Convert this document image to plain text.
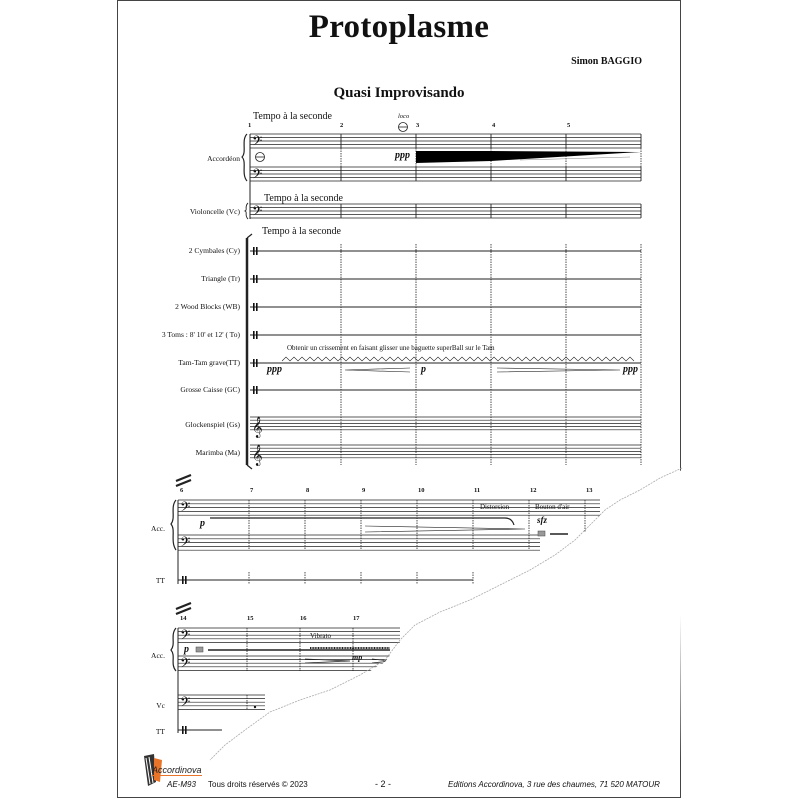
Protoplasme
Simon BAGGIO
Quasi Improvisando
𝄢
𝄢
𝄢
𝄞
𝄞
𝄢
𝄢
𝄢
𝄢
𝄢
Tempo à la seconde
Tempo à la seconde
Tempo à la seconde
1	2	3	4	5
loco
Accordéon
Violoncelle (Vc)
2 Cymbales (Cy)
Triangle (Tr)
2 Wood Blocks (WB)
3 Toms : 8' 10' et 12' ( To)
Tam-Tam grave(TT)
Grosse Caisse (GC)
Glockenspiel (Gs)
Marimba (Ma)
ppp
Obtenir un crissement en faisant glisser une baguette superBall sur le Tam
ppp	p	ppp
6	7	8	9	10	11	12	13
Acc.
TT
p
Distorsion	Bouton d'air
sfz
14	15	16	17
Acc.
Vc
TT
p
Vibrato
mp
Accordinova
AE-M93 Tous droits réservés © 2023	- 2 -	Editions Accordinova, 3 rue des chaumes, 71 520 MATOUR
